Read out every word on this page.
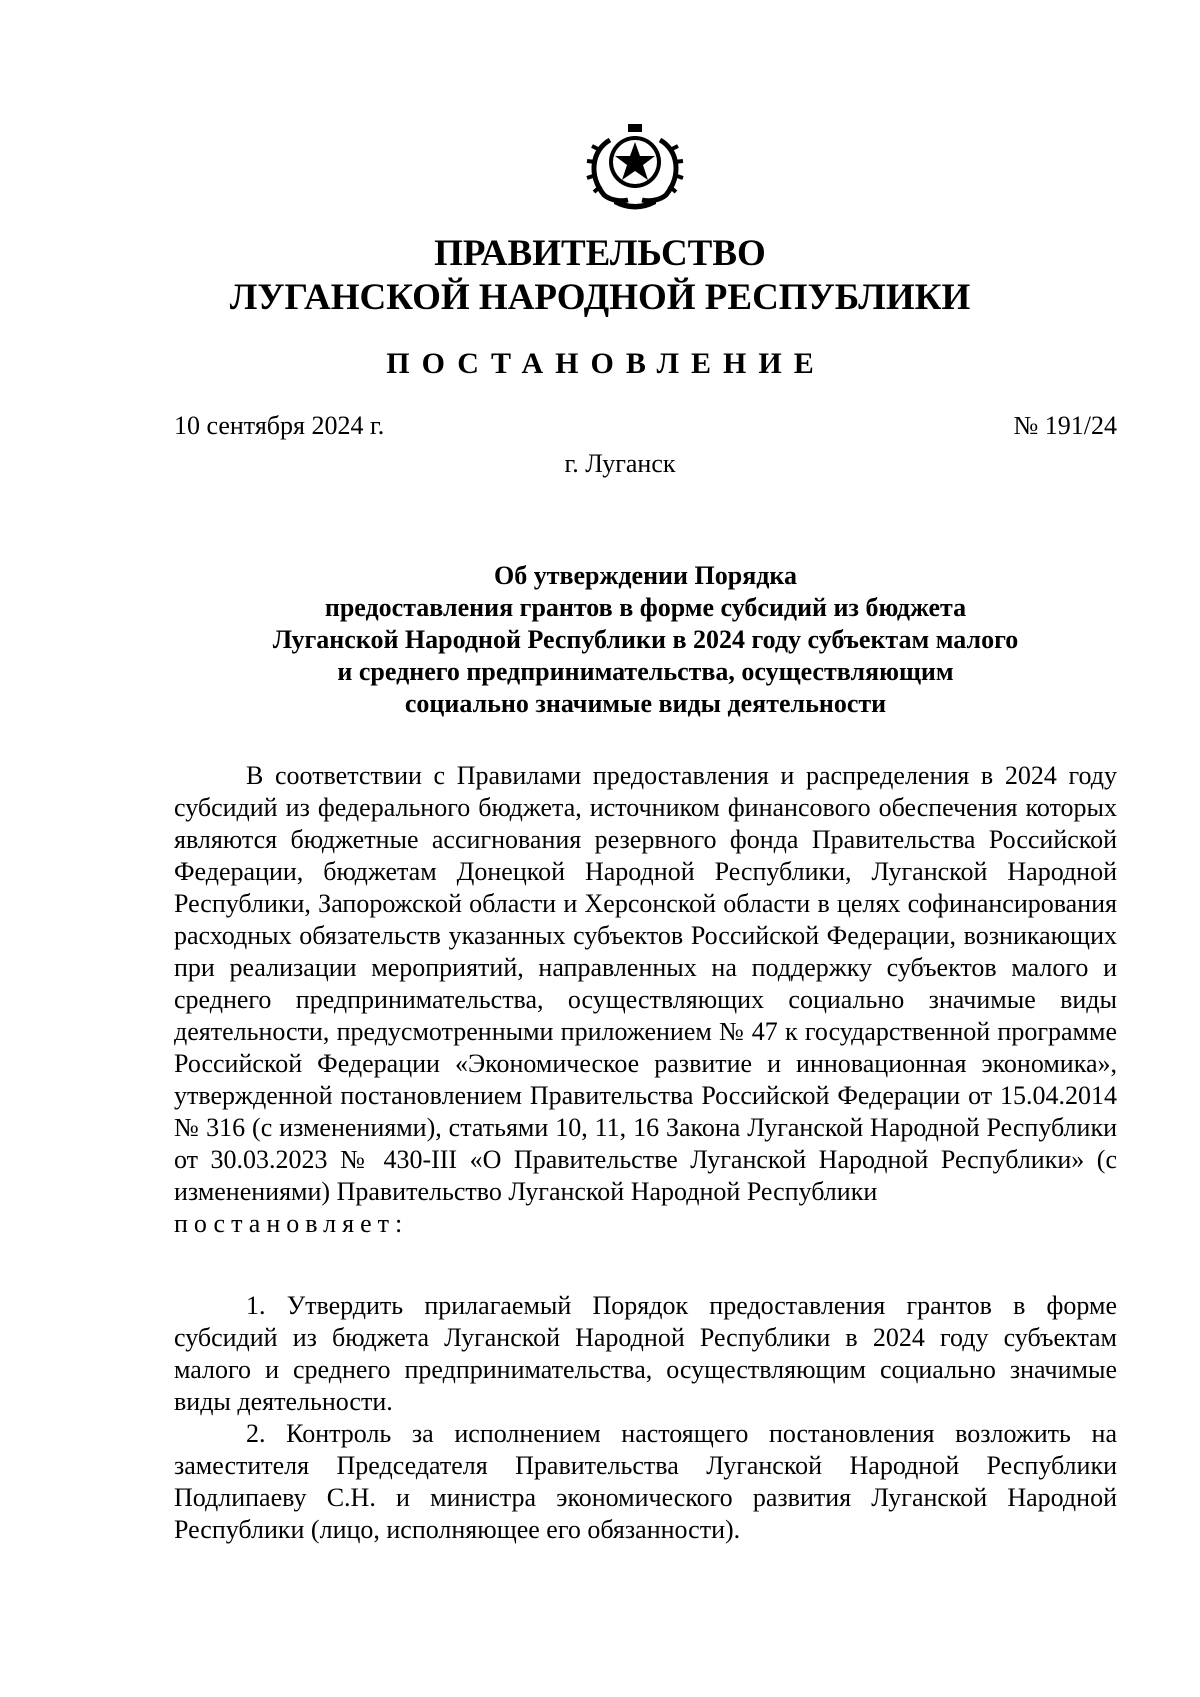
ПРАВИТЕЛЬСТВО
ЛУГАНСКОЙ НАРОДНОЙ РЕСПУБЛИКИ
ПОСТАНОВЛЕНИЕ
10 сентября 2024 г.	№ 191/24
г. Луганск
Об утверждении Порядка
предоставления грантов в форме субсидий из бюджета
Луганской Народной Республики в 2024 году субъектам малого
и среднего предпринимательства, осуществляющим
социально значимые виды деятельности

В соответствии с Правилами предоставления и распределения в 2024 году субсидий из федерального бюджета, источником финансового обеспечения которых являются бюджетные ассигнования резервного фонда Правительства Российской Федерации, бюджетам Донецкой Народной Республики, Луганской Народной Республики, Запорожской области и Херсонской области в целях софинансирования расходных обязательств указанных субъектов Российской Федерации, возникающих при реализации мероприятий, направленных на поддержку субъектов малого и среднего предпринимательства, осуществляющих социально значимые виды деятельности, предусмотренными приложением № 47 к государственной программе Российской Федерации «Экономическое развитие и инновационная экономика», утвержденной постановлением Правительства Российской Федерации от 15.04.2014 № 316 (с изменениями), статьями 10, 11, 16 Закона Луганской Народной Республики от 30.03.2023 № 430-III «О Правительстве Луганской Народной Республики» (с изменениями) Правительство Луганской Народной Республики

постановляет:

1. Утвердить прилагаемый Порядок предоставления грантов в форме субсидий из бюджета Луганской Народной Республики в 2024 году субъектам малого и среднего предпринимательства, осуществляющим социально значимые виды деятельности.

2. Контроль за исполнением настоящего постановления возложить на заместителя Председателя Правительства Луганской Народной Республики Подлипаеву С.Н. и министра экономического развития Луганской Народной Республики (лицо, исполняющее его обязанности).
